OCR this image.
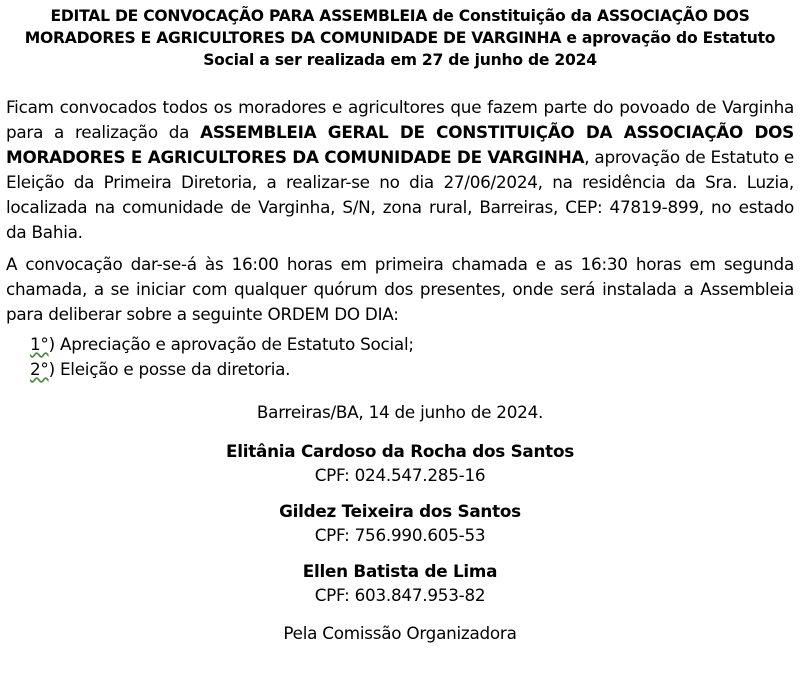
EDITAL DE CONVOCAÇÃO PARA ASSEMBLEIA de Constituição da ASSOCIAÇÃO DOS MORADORES E AGRICULTORES DA COMUNIDADE DE VARGINHA e aprovação do Estatuto Social a ser realizada em 27 de junho de 2024

Ficam convocados todos os moradores e agricultores que fazem parte do povoado de Varginha para a realização da ASSEMBLEIA GERAL DE CONSTITUIÇÃO DA ASSOCIAÇÃO DOS MORADORES E AGRICULTORES DA COMUNIDADE DE VARGINHA, aprovação de Estatuto e Eleição da Primeira Diretoria, a realizar-se no dia 27/06/2024, na residência da Sra. Luzia, localizada na comunidade de Varginha, S/N, zona rural, Barreiras, CEP: 47819-899, no estado da Bahia.

A convocação dar-se-á às 16:00 horas em primeira chamada e as 16:30 horas em segunda chamada, a se iniciar com qualquer quórum dos presentes, onde será instalada a Assembleia para deliberar sobre a seguinte ORDEM DO DIA:

1°) Apreciação e aprovação de Estatuto Social;
2°) Eleição e posse da diretoria.
Barreiras/BA, 14 de junho de 2024.
Elitânia Cardoso da Rocha dos Santos
CPF: 024.547.285-16
Gildez Teixeira dos Santos
CPF: 756.990.605-53
Ellen Batista de Lima
CPF: 603.847.953-82
Pela Comissão Organizadora
